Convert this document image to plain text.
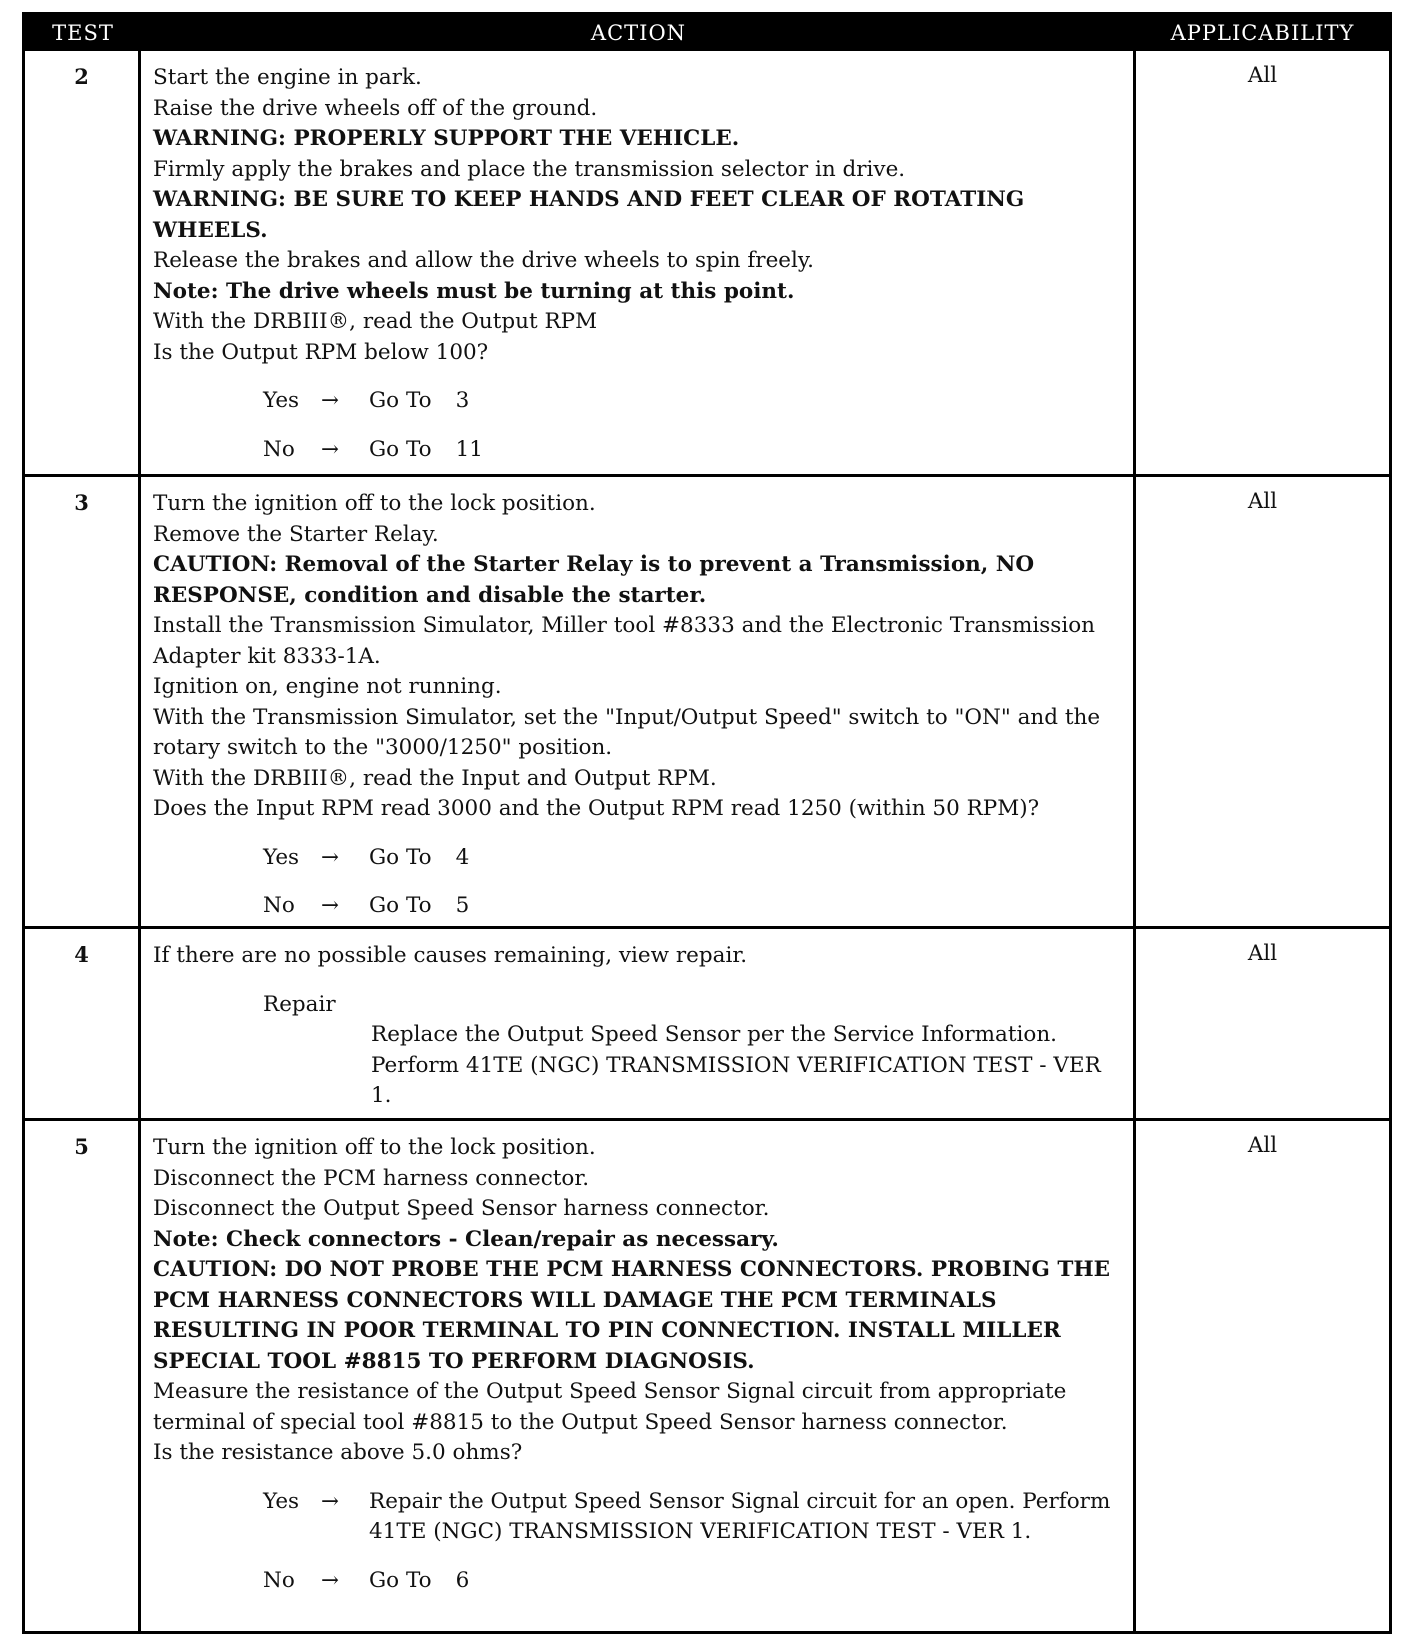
TEST	ACTION	APPLICABILITY
2	Start the engine in park.
Raise the drive wheels off of the ground.
WARNING: PROPERLY SUPPORT THE VEHICLE.
Firmly apply the brakes and place the transmission selector in drive.
WARNING: BE SURE TO KEEP HANDS AND FEET CLEAR OF ROTATING WHEELS.
Release the brakes and allow the drive wheels to spin freely.
Note: The drive wheels must be turning at this point.
With the DRBIII®, read the Output RPM
Is the Output RPM below 100?
Yes	→	Go To 3
No	→	Go To 11
All
3	Turn the ignition off to the lock position.
Remove the Starter Relay.
CAUTION: Removal of the Starter Relay is to prevent a Transmission, NO RESPONSE, condition and disable the starter.
Install the Transmission Simulator, Miller tool #8333 and the Electronic Transmission Adapter kit 8333-1A.
Ignition on, engine not running.
With the Transmission Simulator, set the "Input/Output Speed" switch to "ON" and the rotary switch to the "3000/1250" position.
With the DRBIII®, read the Input and Output RPM.
Does the Input RPM read 3000 and the Output RPM read 1250 (within 50 RPM)?
Yes	→	Go To 4
No	→	Go To 5
All
4	If there are no possible causes remaining, view repair.
Repair
Replace the Output Speed Sensor per the Service Information.
Perform 41TE (NGC) TRANSMISSION VERIFICATION TEST - VER 1.
All
5	Turn the ignition off to the lock position.
Disconnect the PCM harness connector.
Disconnect the Output Speed Sensor harness connector.
Note: Check connectors - Clean/repair as necessary.
CAUTION: DO NOT PROBE THE PCM HARNESS CONNECTORS. PROBING THE PCM HARNESS CONNECTORS WILL DAMAGE THE PCM TERMINALS RESULTING IN POOR TERMINAL TO PIN CONNECTION. INSTALL MILLER SPECIAL TOOL #8815 TO PERFORM DIAGNOSIS.
Measure the resistance of the Output Speed Sensor Signal circuit from appropriate terminal of special tool #8815 to the Output Speed Sensor harness connector.
Is the resistance above 5.0 ohms?
Yes	→	Repair the Output Speed Sensor Signal circuit for an open. Perform 41TE (NGC) TRANSMISSION VERIFICATION TEST - VER 1.
No	→	Go To 6
All
